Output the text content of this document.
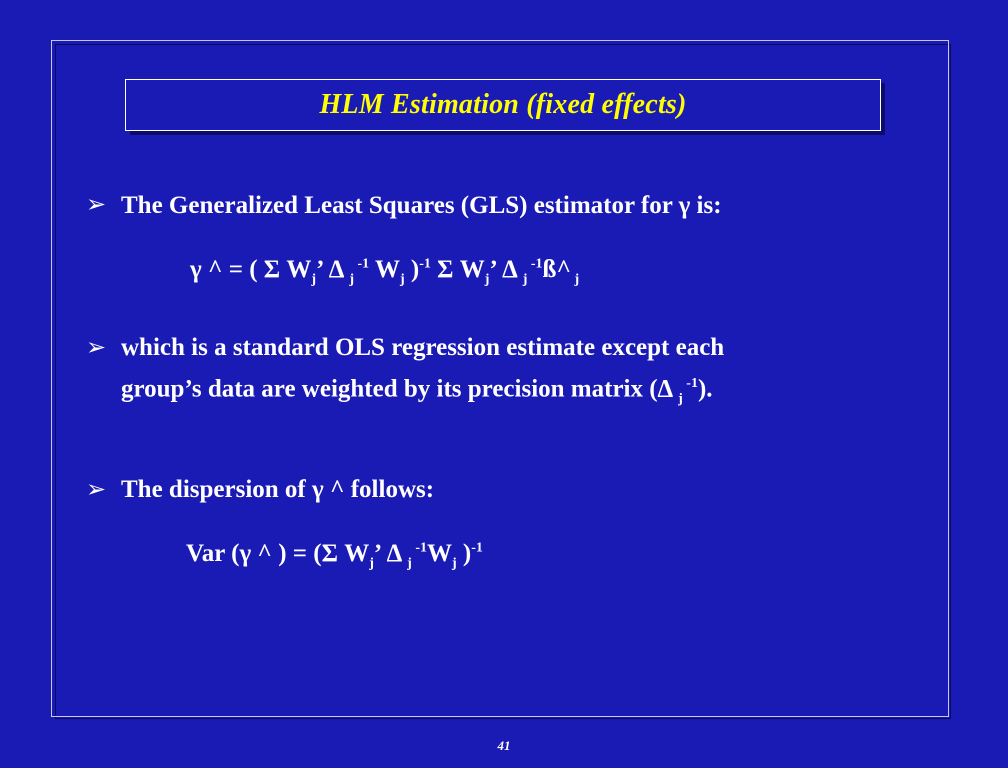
HLM Estimation (fixed effects)
➢ The Generalized Least Squares (GLS) estimator for γ is:
γ ^ = ( Σ $W_j$’ Δ $_j$ $^{-1}$ $W_j$ )$^{-1}$ Σ $W_j$’ Δ $_j$ $^{-1}$ß^ $_j$
➢ which is a standard OLS regression estimate except each
group’s data are weighted by its precision matrix (Δ $_j$ $^{-1}$).
➢ The dispersion of γ ^ follows:
Var (γ ^ ) = (Σ $W_j$’ Δ $_j$ $^{-1}W_j$ )$^{-1}$
41
